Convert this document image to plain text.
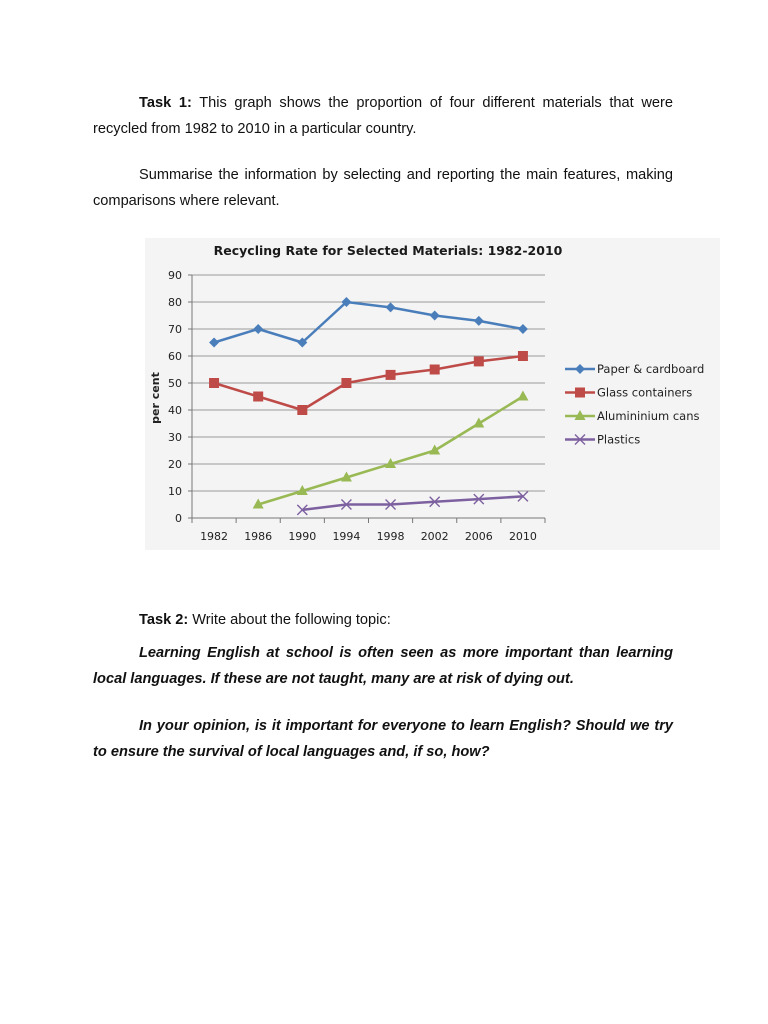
Task 1: This graph shows the proportion of four different materials that were recycled from 1982 to 2010 in a particular country.

Summarise the information by selecting and reporting the main features, making comparisons where relevant.

Recycling Rate for Selected Materials: 1982-2010
0
10
20
30
40
50
60
70
80
90
1982 1986 1990 1994 1998 2002 2006 2010
per cent
Paper & cardboard
Glass containers
Alumininium cans
Plastics

Task 2: Write about the following topic:

Learning English at school is often seen as more important than learning local languages. If these are not taught, many are at risk of dying out.

In your opinion, is it important for everyone to learn English? Should we try to ensure the survival of local languages and, if so, how?
